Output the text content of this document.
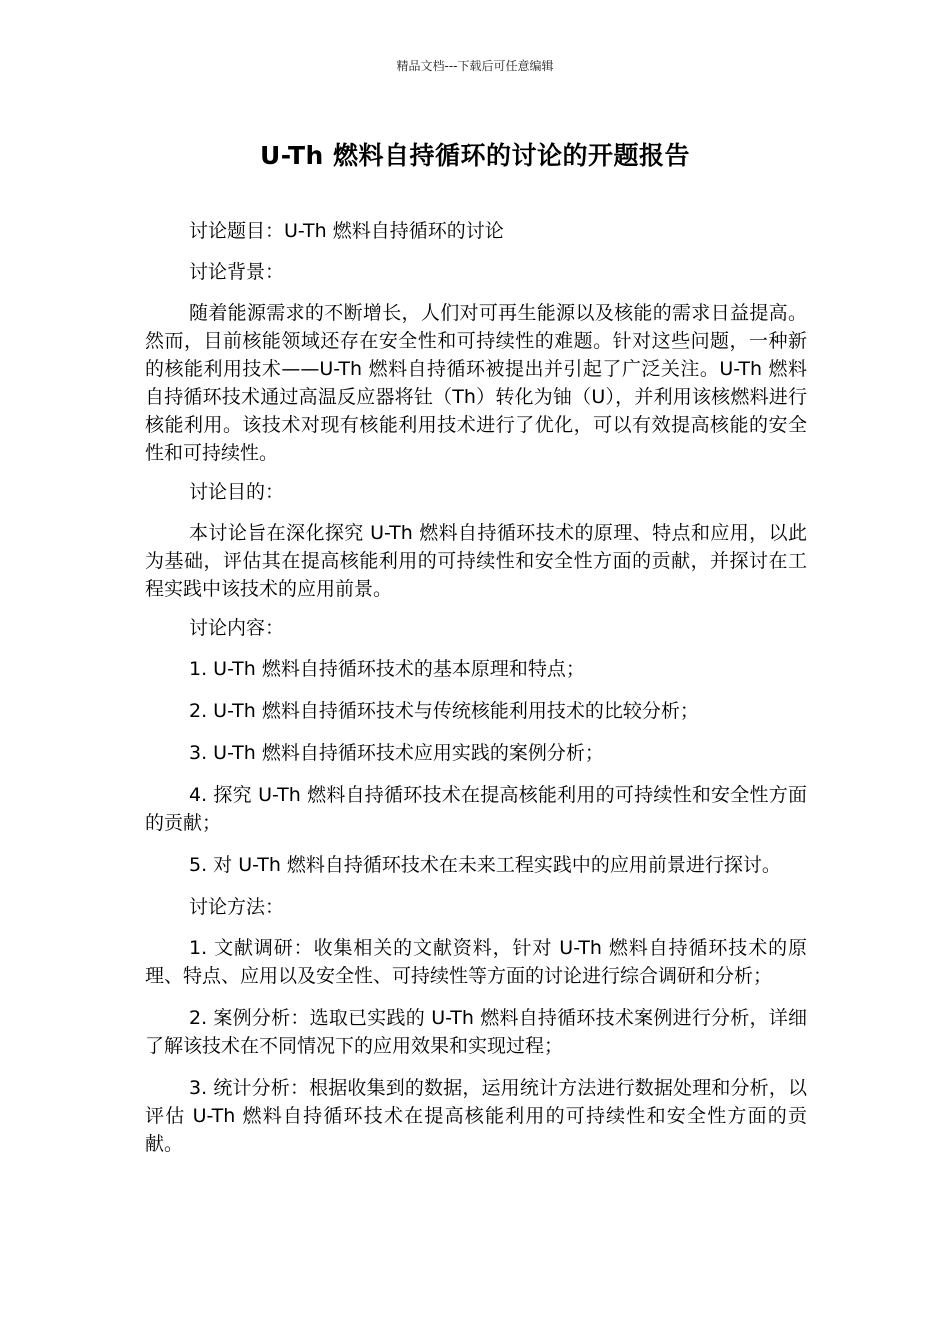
精品文档---下载后可任意编辑
U-Th 燃料自持循环的讨论的开题报告

讨论题目：U-Th 燃料自持循环的讨论

讨论背景：

随着能源需求的不断增长，人们对可再生能源以及核能的需求日益提高。然而，目前核能领域还存在安全性和可持续性的难题。针对这些问题，一种新的核能利用技术——U-Th 燃料自持循环被提出并引起了广泛关注。U-Th 燃料自持循环技术通过高温反应器将钍（Th）转化为铀（U），并利用该核燃料进行核能利用。该技术对现有核能利用技术进行了优化，可以有效提高核能的安全性和可持续性。

讨论目的：

本讨论旨在深化探究 U-Th 燃料自持循环技术的原理、特点和应用，以此为基础，评估其在提高核能利用的可持续性和安全性方面的贡献，并探讨在工程实践中该技术的应用前景。

讨论内容：

1. U-Th 燃料自持循环技术的基本原理和特点；

2. U-Th 燃料自持循环技术与传统核能利用技术的比较分析；

3. U-Th 燃料自持循环技术应用实践的案例分析；

4. 探究 U-Th 燃料自持循环技术在提高核能利用的可持续性和安全性方面的贡献；

5. 对 U-Th 燃料自持循环技术在未来工程实践中的应用前景进行探讨。

讨论方法：

1. 文献调研：收集相关的文献资料，针对 U-Th 燃料自持循环技术的原理、特点、应用以及安全性、可持续性等方面的讨论进行综合调研和分析；

2. 案例分析：选取已实践的 U-Th 燃料自持循环技术案例进行分析，详细了解该技术在不同情况下的应用效果和实现过程；

3. 统计分析：根据收集到的数据，运用统计方法进行数据处理和分析，以评估 U-Th 燃料自持循环技术在提高核能利用的可持续性和安全性方面的贡献。
